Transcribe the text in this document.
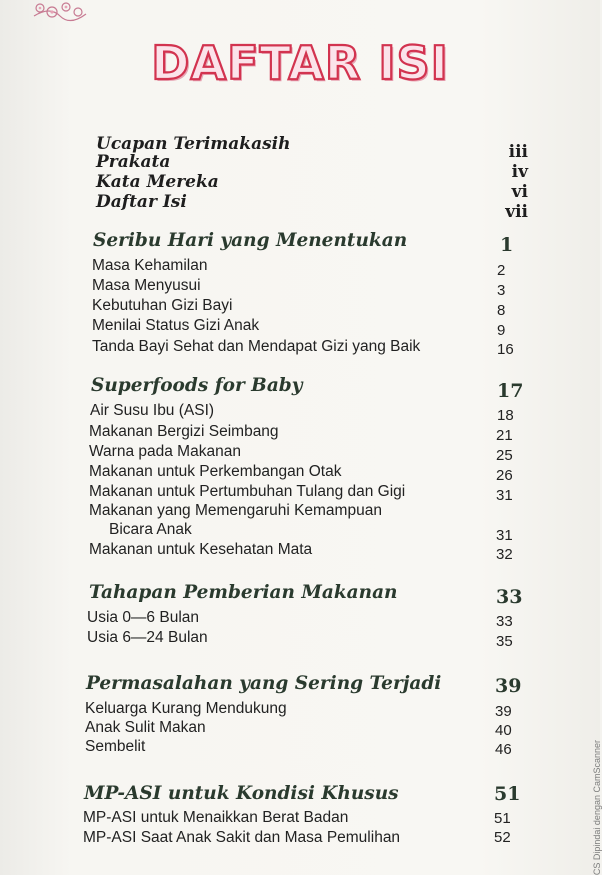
DAFTAR ISI
Ucapan Terimakasih	iii
Prakata	iv
Kata Mereka	vi
Daftar Isi	vii
Seribu Hari yang Menentukan	1
Masa Kehamilan	2
Masa Menyusui	3
Kebutuhan Gizi Bayi	8
Menilai Status Gizi Anak	9
Tanda Bayi Sehat dan Mendapat Gizi yang Baik	16
Superfoods for Baby	17
Air Susu Ibu (ASI)	18
Makanan Bergizi Seimbang	21
Warna pada Makanan	25
Makanan untuk Perkembangan Otak	26
Makanan untuk Pertumbuhan Tulang dan Gigi	31
Makanan yang Memengaruhi Kemampuan
Bicara Anak	31
Makanan untuk Kesehatan Mata	32
Tahapan Pemberian Makanan	33
Usia 0—6 Bulan	33
Usia 6—24 Bulan	35
Permasalahan yang Sering Terjadi	39
Keluarga Kurang Mendukung	39
Anak Sulit Makan	40
Sembelit	46
MP-ASI untuk Kondisi Khusus	51
MP-ASI untuk Menaikkan Berat Badan	51
MP-ASI Saat Anak Sakit dan Masa Pemulihan	52	CS Dipindai dengan CamScanner
